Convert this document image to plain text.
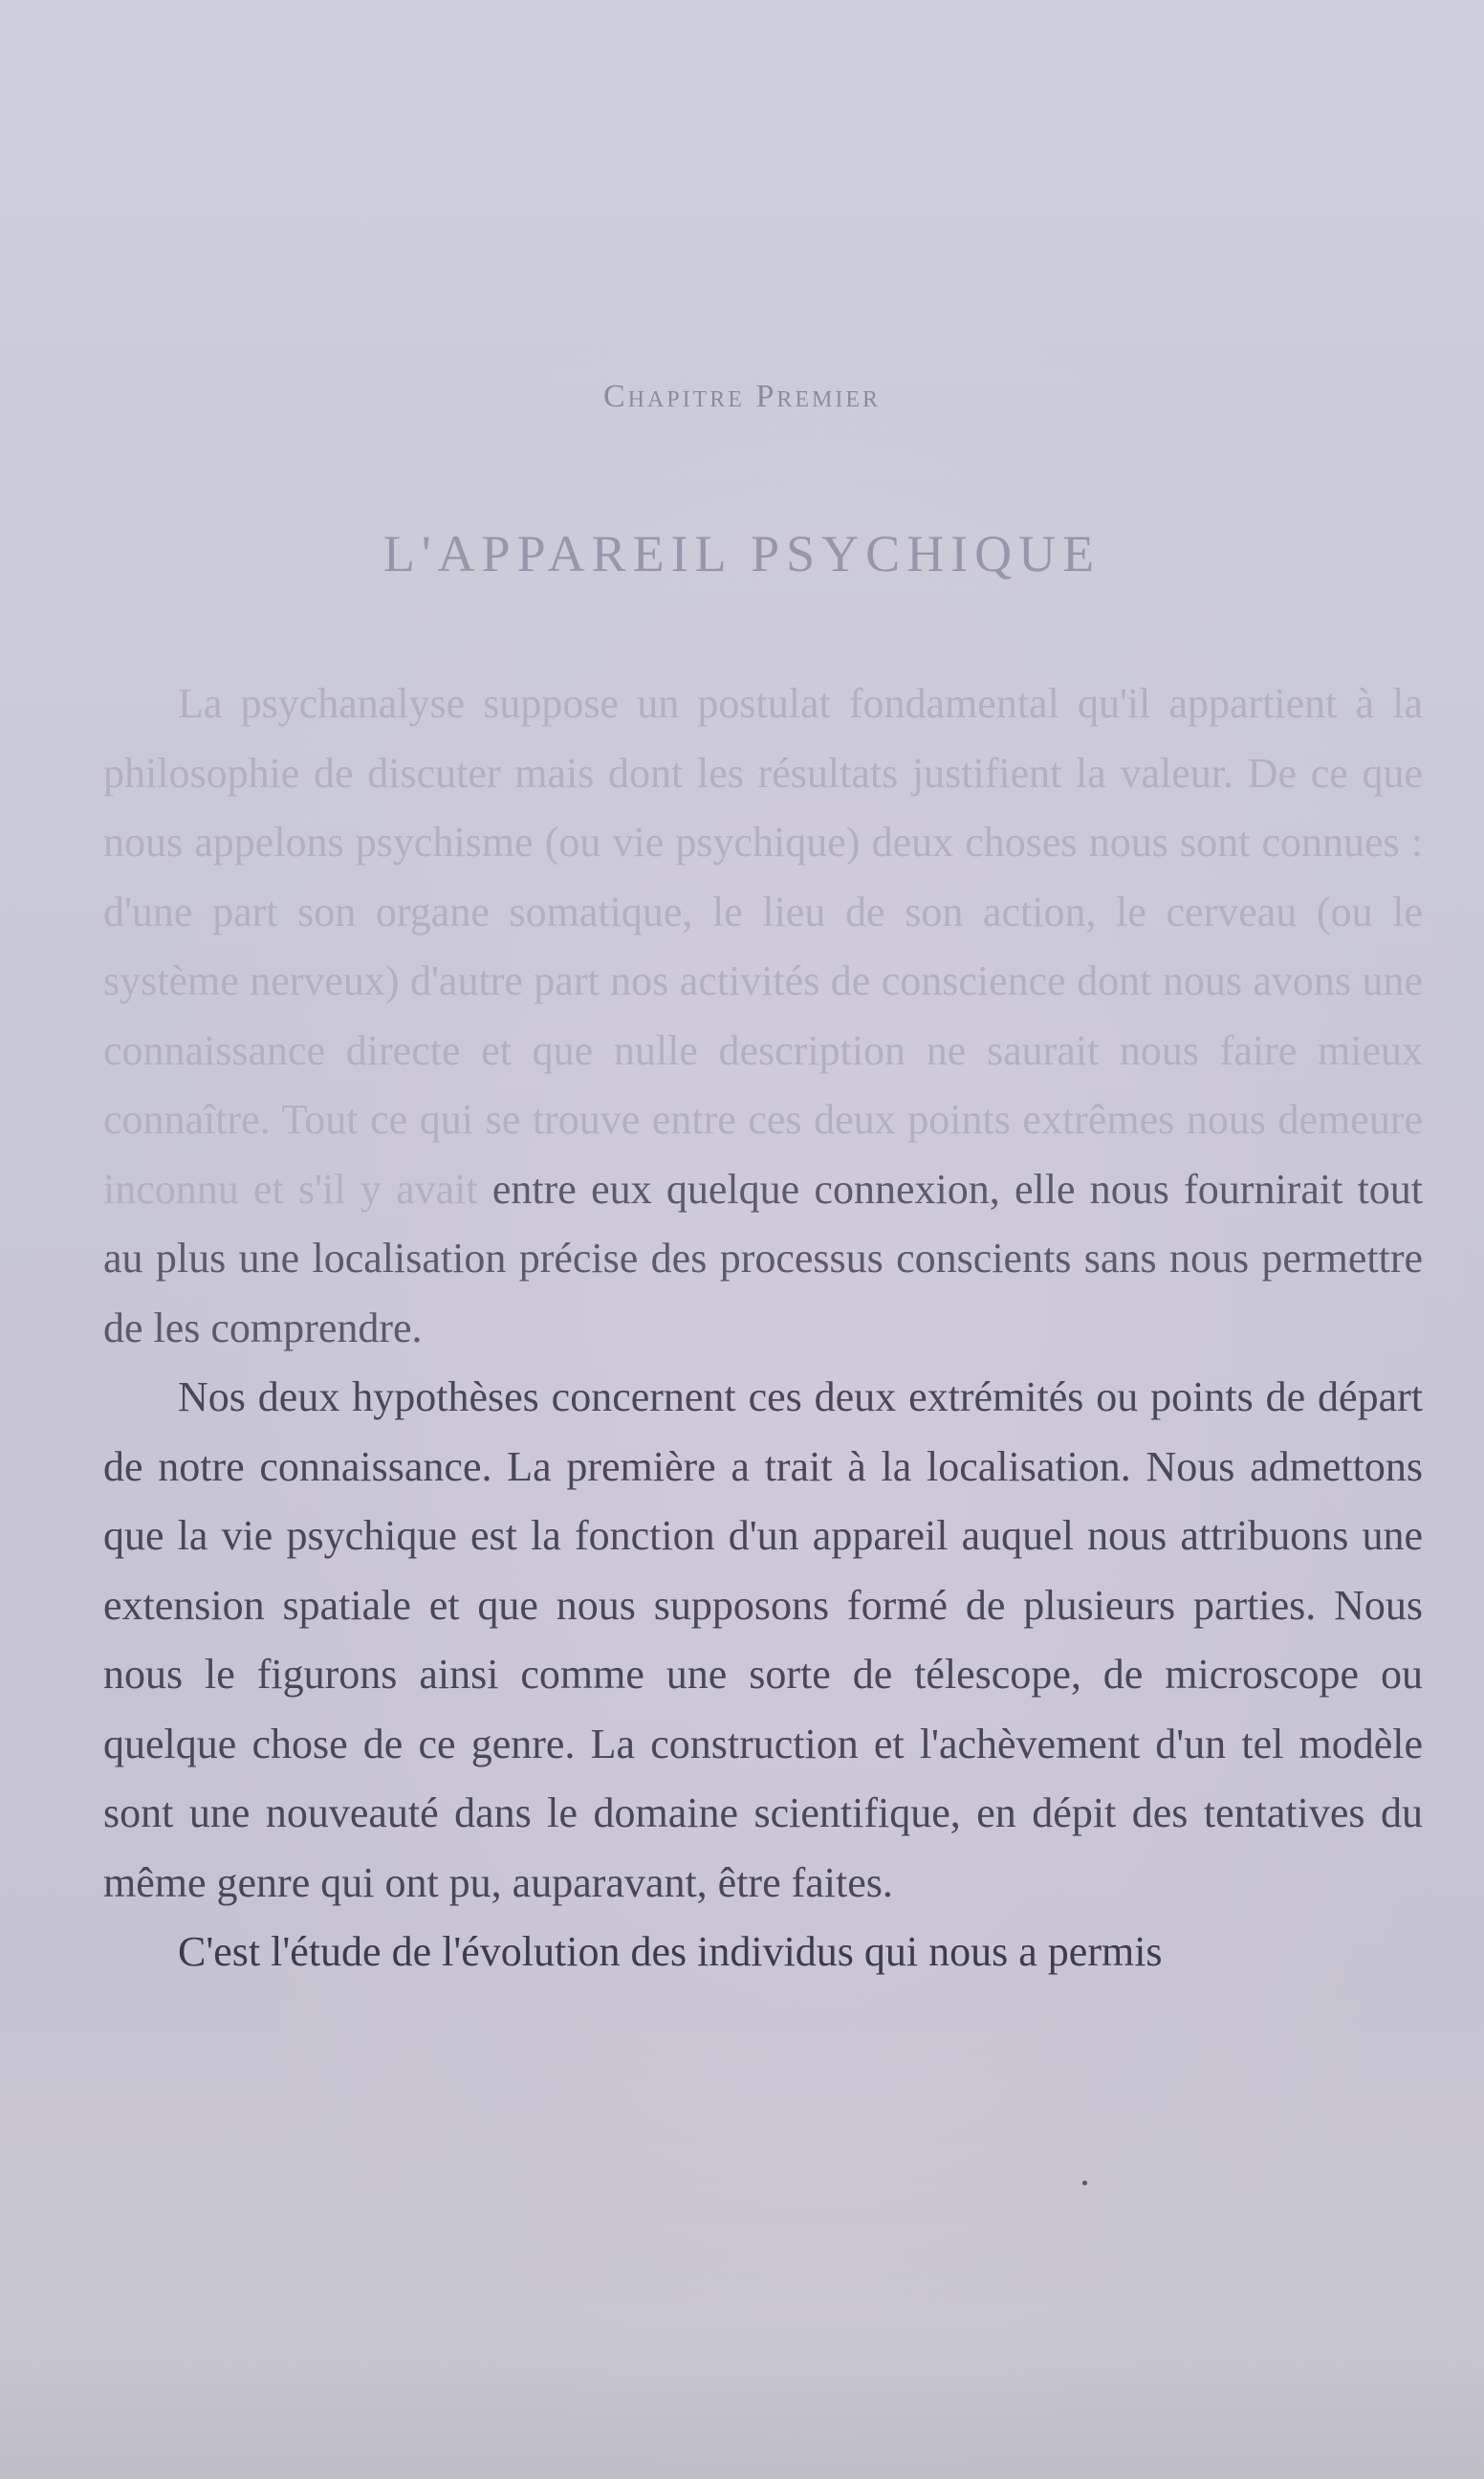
Chapitre Premier
L'APPAREIL PSYCHIQUE

La psychanalyse suppose un postulat fondamental qu'il appartient à la philosophie de discuter mais dont les résultats justifient la valeur. De ce que nous appelons psychisme (ou vie psychique) deux choses nous sont connues : d'une part son organe somatique, le lieu de son action, le cerveau (ou le système nerveux) d'autre part nos activités de conscience dont nous avons une connaissance directe et que nulle description ne saurait nous faire mieux connaître. Tout ce qui se trouve entre ces deux points extrêmes nous demeure inconnu et s'il y avait entre eux quelque connexion, elle nous fournirait tout au plus une localisation précise des processus conscients sans nous permettre de les comprendre.

Nos deux hypothèses concernent ces deux extrémités ou points de départ de notre connaissance. La première a trait à la localisation. Nous admettons que la vie psychique est la fonction d'un appareil auquel nous attribuons une extension spatiale et que nous supposons formé de plusieurs parties. Nous nous le figurons ainsi comme une sorte de télescope, de microscope ou quelque chose de ce genre. La construction et l'achèvement d'un tel modèle sont une nouveauté dans le domaine scientifique, en dépit des tentatives du même genre qui ont pu, auparavant, être faites.

C'est l'étude de l'évolution des individus qui nous a permis
